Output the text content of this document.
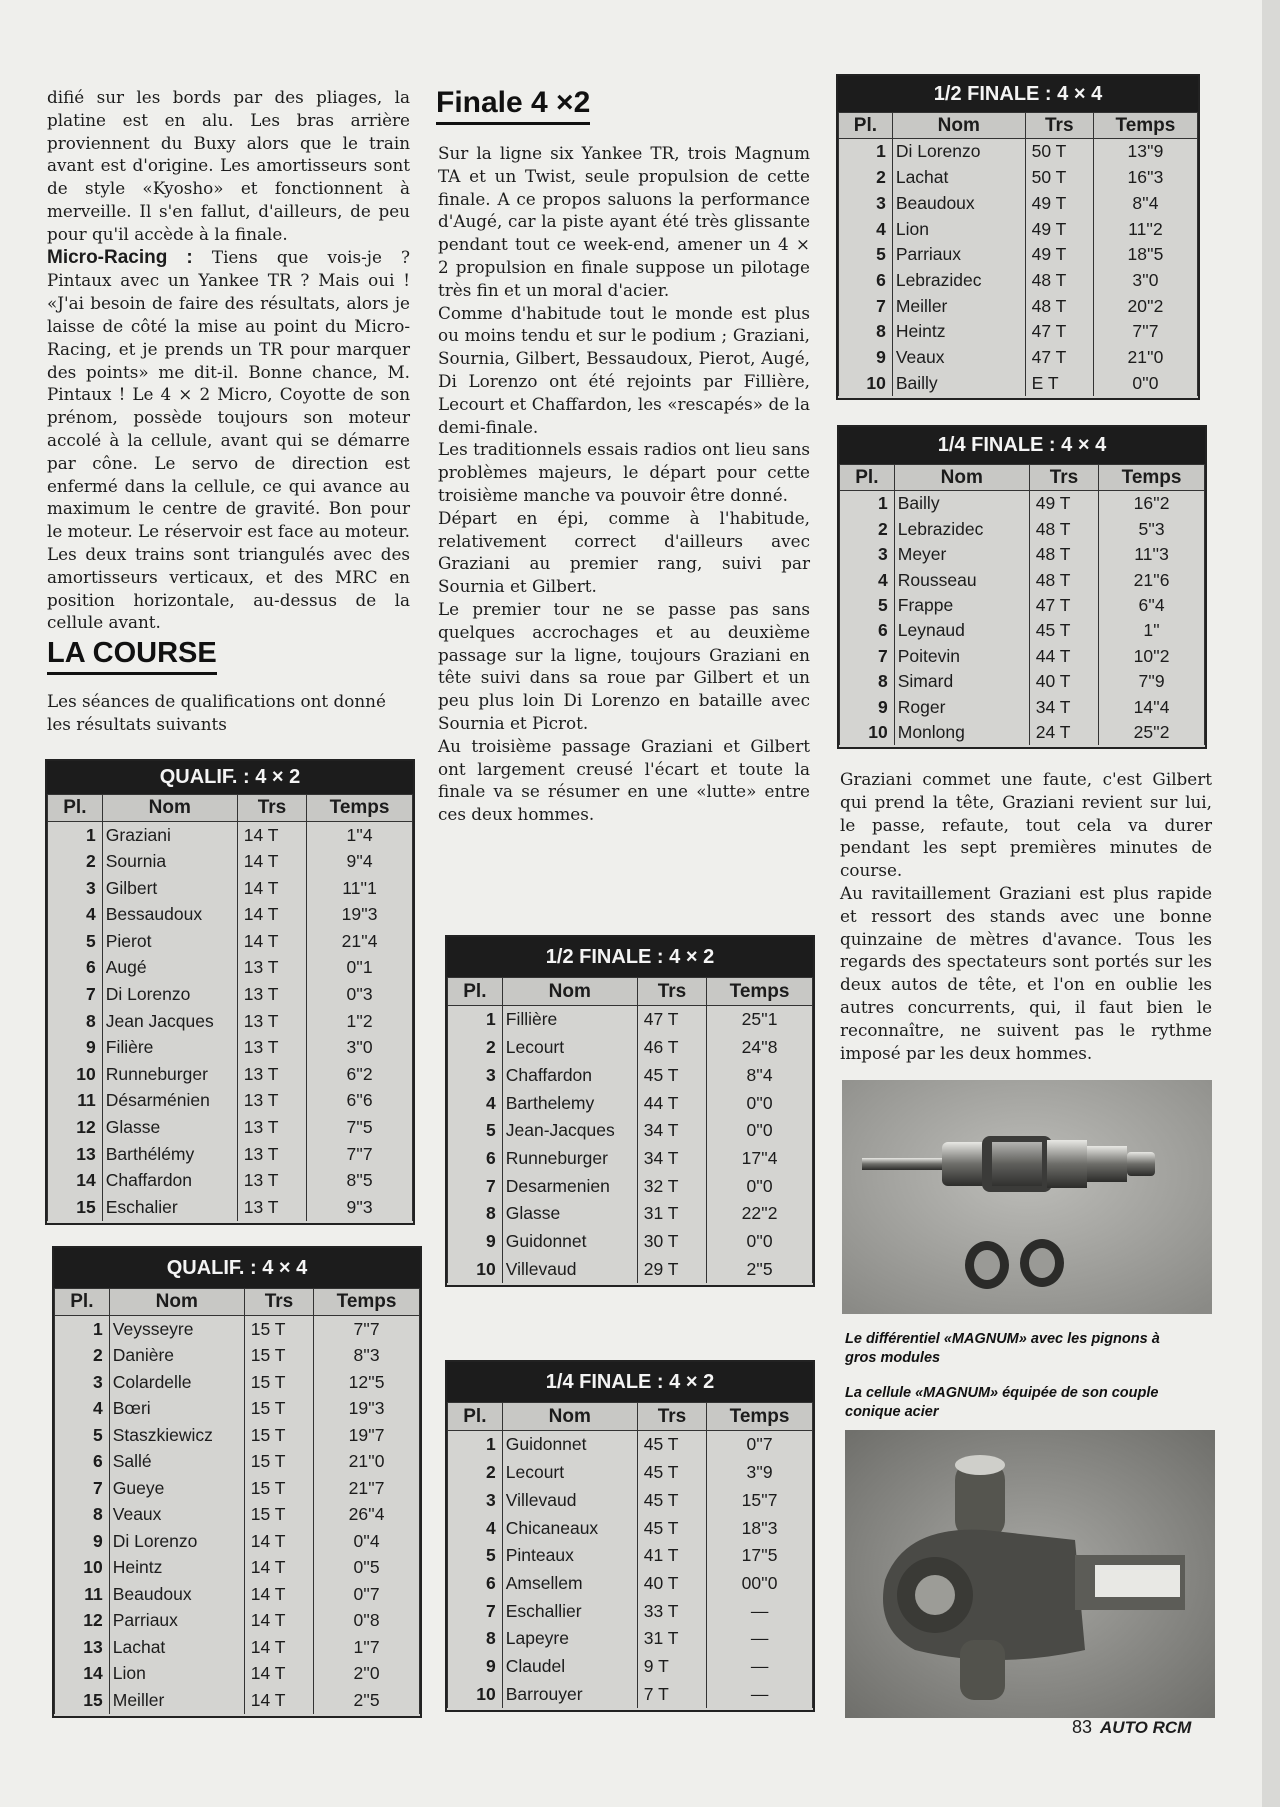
difié sur les bords par des pliages, la platine est en alu. Les bras arrière proviennent du Buxy alors que le train avant est d'origine. Les amortisseurs sont de style «Kyosho» et fonctionnent à merveille. Il s'en fallut, d'ailleurs, de peu pour qu'il accède à la finale.

Micro-Racing : Tiens que vois-je ? Pintaux avec un Yankee TR ? Mais oui ! «J'ai besoin de faire des résultats, alors je laisse de côté la mise au point du Micro-Racing, et je prends un TR pour marquer des points» me dit-il. Bonne chance, M. Pintaux ! Le 4 × 2 Micro, Coyotte de son prénom, possède toujours son moteur accolé à la cellule, avant qui se démarre par cône. Le servo de direction est enfermé dans la cellule, ce qui avance au maximum le centre de gravité. Bon pour le moteur. Le réservoir est face au moteur. Les deux trains sont triangulés avec des amortisseurs verticaux, et des MRC en position horizontale, au-dessus de la cellule avant.

LA COURSE
Les séances de qualifications ont donné

les résultats suivants
Finale 4 ×2

Sur la ligne six Yankee TR, trois Magnum TA et un Twist, seule propulsion de cette finale. A ce propos saluons la performance d'Augé, car la piste ayant été très glissante pendant tout ce week-end, amener un 4 × 2 propulsion en finale suppose un pilotage très fin et un moral d'acier.

Comme d'habitude tout le monde est plus ou moins tendu et sur le podium ; Graziani, Sournia, Gilbert, Bessaudoux, Pierot, Augé, Di Lorenzo ont été rejoints par Fillière, Lecourt et Chaffardon, les «rescapés» de la demi-finale.

Les traditionnels essais radios ont lieu sans problèmes majeurs, le départ pour cette troisième manche va pouvoir être donné.

Départ en épi, comme à l'habitude, relativement correct d'ailleurs avec Graziani au premier rang, suivi par Sournia et Gilbert.

Le premier tour ne se passe pas sans quelques accrochages et au deuxième passage sur la ligne, toujours Graziani en tête suivi dans sa roue par Gilbert et un peu plus loin Di Lorenzo en bataille avec Sournia et Picrot.

Au troisième passage Graziani et Gilbert ont largement creusé l'écart et toute la finale va se résumer en une «lutte» entre ces deux hommes.

Graziani commet une faute, c'est Gilbert qui prend la tête, Graziani revient sur lui, le passe, refaute, tout cela va durer pendant les sept premières minutes de course.

Au ravitaillement Graziani est plus rapide et ressort des stands avec une bonne quinzaine de mètres d'avance. Tous les regards des spectateurs sont portés sur les deux autos de tête, et l'on en oublie les autres concurrents, qui, il faut bien le reconnaître, ne suivent pas le rythme imposé par les deux hommes.

QUALIF. : 4 × 2
Pl.	Nom	Trs	Temps
1	Graziani	14 T	1''4
2	Sournia	14 T	9''4
3	Gilbert	14 T	11''1
4	Bessaudoux	14 T	19''3
5	Pierot	14 T	21''4
6	Augé	13 T	0''1
7	Di Lorenzo	13 T	0''3
8	Jean Jacques	13 T	1''2
9	Filière	13 T	3''0
10	Runneburger	13 T	6''2
11	Désarménien	13 T	6''6
12	Glasse	13 T	7''5
13	Barthélémy	13 T	7''7
14	Chaffardon	13 T	8''5
15	Eschalier	13 T	9''3
QUALIF. : 4 × 4
Pl.	Nom	Trs	Temps
1	Veysseyre	15 T	7''7
2	Danière	15 T	8''3
3	Colardelle	15 T	12''5
4	Bœri	15 T	19''3
5	Staszkiewicz	15 T	19''7
6	Sallé	15 T	21''0
7	Gueye	15 T	21''7
8	Veaux	15 T	26''4
9	Di Lorenzo	14 T	0''4
10	Heintz	14 T	0''5
11	Beaudoux	14 T	0''7
12	Parriaux	14 T	0''8
13	Lachat	14 T	1''7
14	Lion	14 T	2''0
15	Meiller	14 T	2''5
1/2 FINALE : 4 × 2
Pl.	Nom	Trs	Temps
1	Fillière	47 T	25''1
2	Lecourt	46 T	24''8
3	Chaffardon	45 T	8''4
4	Barthelemy	44 T	0''0
5	Jean-Jacques	34 T	0''0
6	Runneburger	34 T	17''4
7	Desarmenien	32 T	0''0
8	Glasse	31 T	22''2
9	Guidonnet	30 T	0''0
10	Villevaud	29 T	2''5
1/4 FINALE : 4 × 2
Pl.	Nom	Trs	Temps
1	Guidonnet	45 T	0''7
2	Lecourt	45 T	3''9
3	Villevaud	45 T	15''7
4	Chicaneaux	45 T	18''3
5	Pinteaux	41 T	17''5
6	Amsellem	40 T	00''0
7	Eschallier	33 T	—
8	Lapeyre	31 T	—
9	Claudel	9 T	—
10	Barrouyer	7 T	—
1/2 FINALE : 4 × 4
Pl.	Nom	Trs	Temps
1	Di Lorenzo	50 T	13''9
2	Lachat	50 T	16''3
3	Beaudoux	49 T	8''4
4	Lion	49 T	11''2
5	Parriaux	49 T	18''5
6	Lebrazidec	48 T	3''0
7	Meiller	48 T	20''2
8	Heintz	47 T	7''7
9	Veaux	47 T	21''0
10	Bailly	E T	0''0
1/4 FINALE : 4 × 4
Pl.	Nom	Trs	Temps
1	Bailly	49 T	16''2
2	Lebrazidec	48 T	5''3
3	Meyer	48 T	11''3
4	Rousseau	48 T	21''6
5	Frappe	47 T	6''4
6	Leynaud	45 T	1''
7	Poitevin	44 T	10''2
8	Simard	40 T	7''9
9	Roger	34 T	14''4
10	Monlong	24 T	25''2
Le différentiel «MAGNUM» avec les pignons à gros modules
La cellule «MAGNUM» équipée de son couple conique acier
83 AUTO RCM
